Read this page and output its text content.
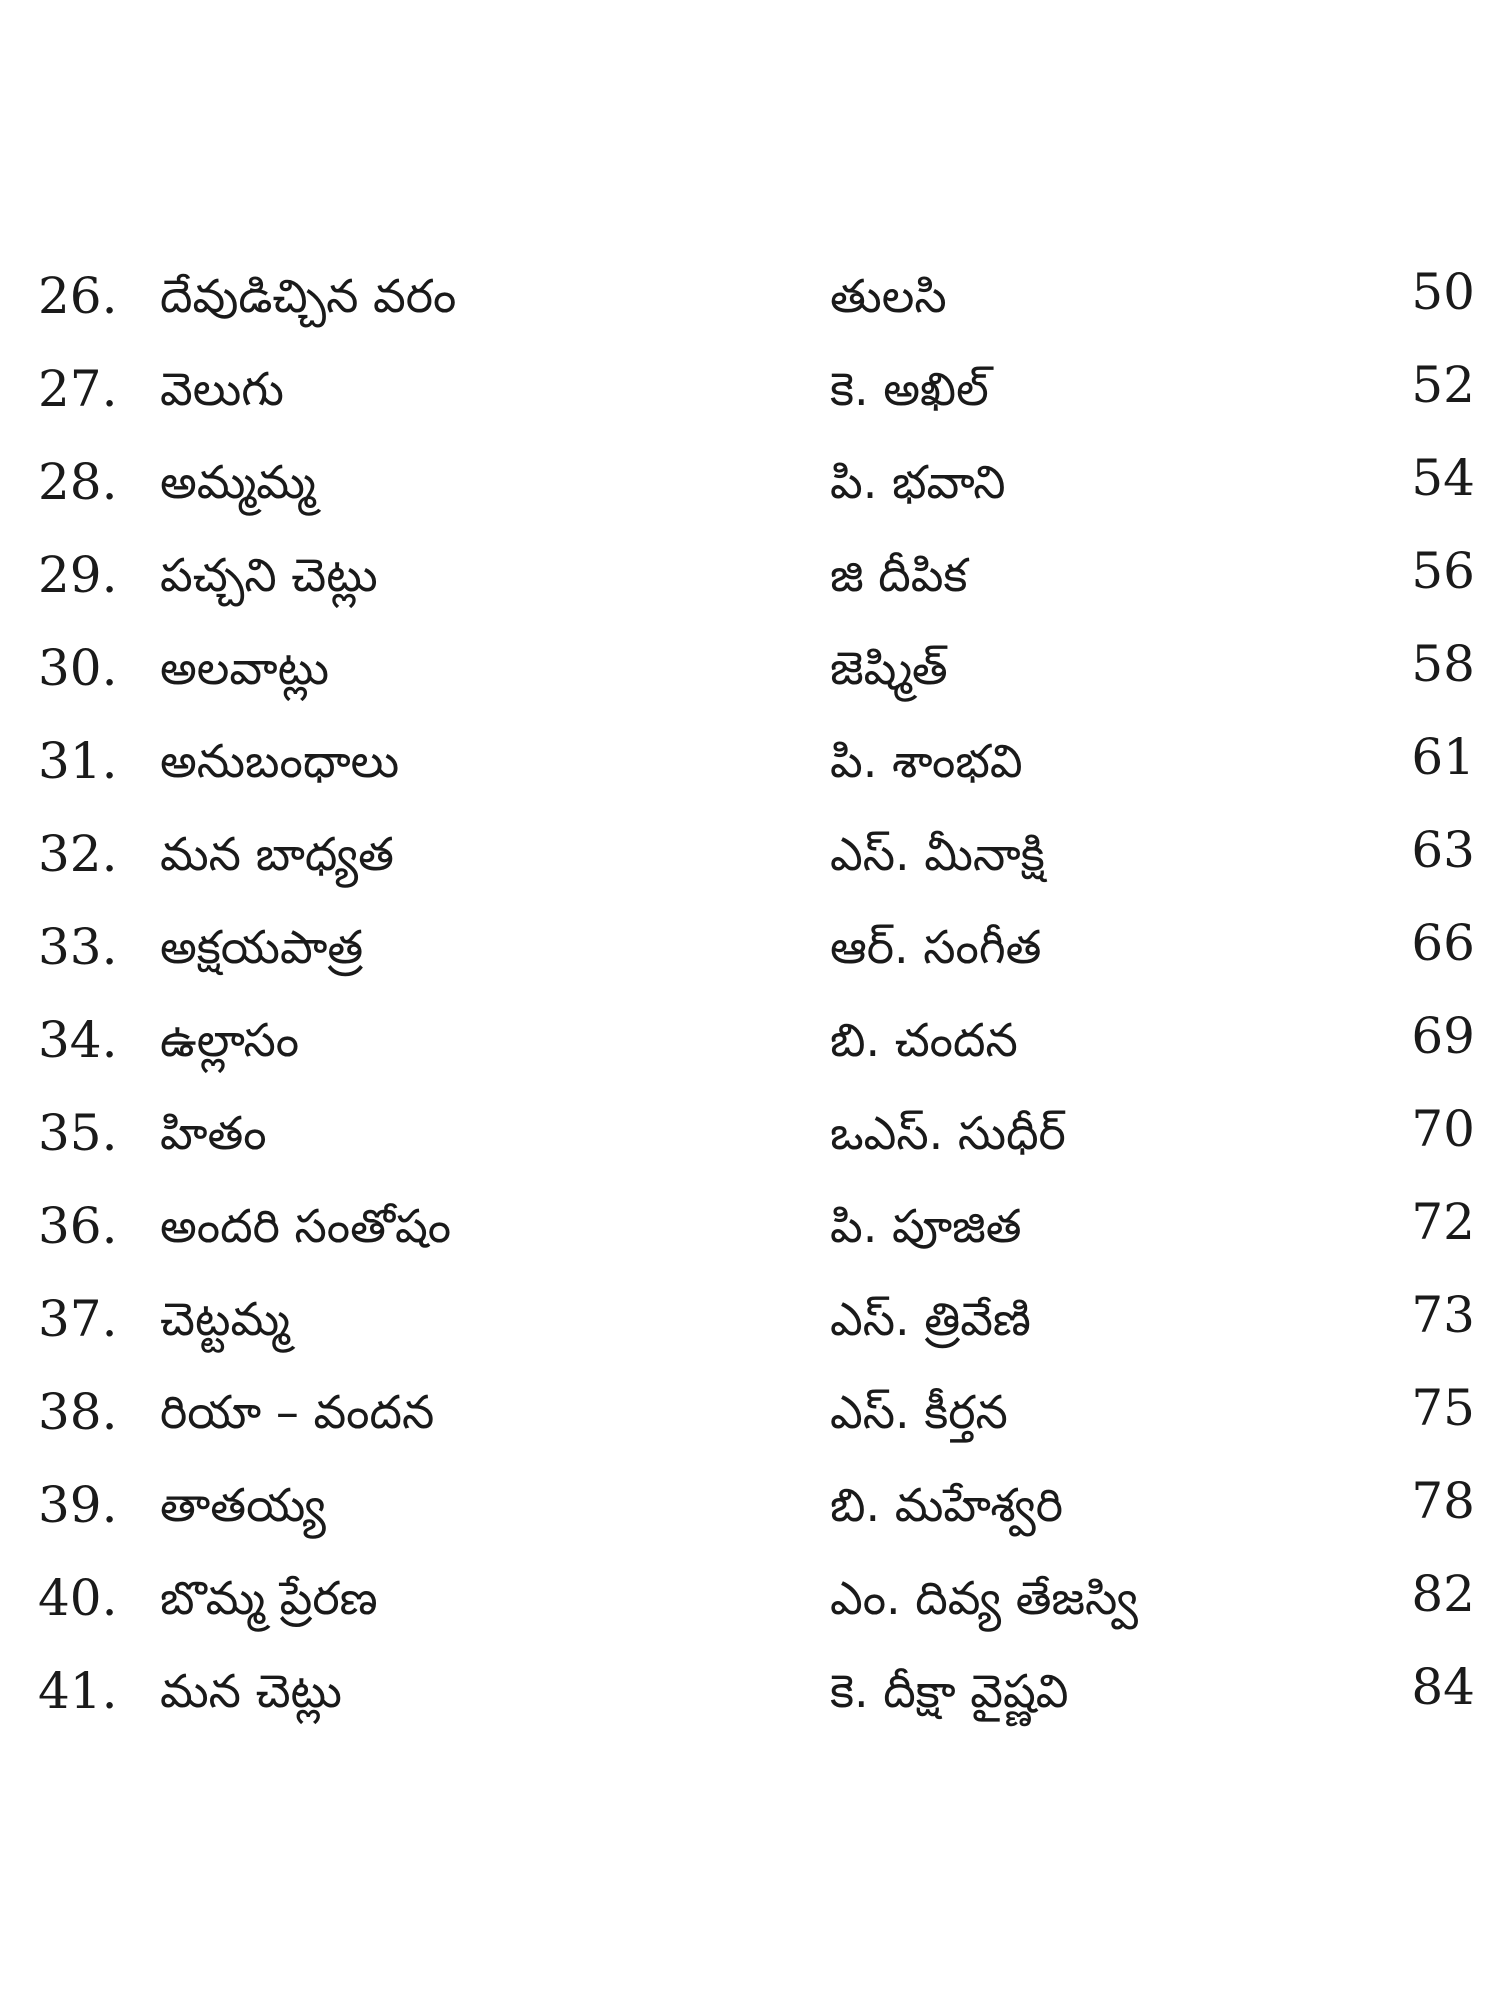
26. దేవుడిచ్చిన వరం	తులసి	50
27. వెలుగు	కె. అఖిల్	52
28. అమ్మమ్మ	పి. భవాని	54
29. పచ్చని చెట్లు	జి దీపిక	56
30. అలవాట్లు	జెష్మిత్	58
31. అనుబంధాలు	పి. శాంభవి	61
32. మన బాధ్యత	ఎస్. మీనాక్షి	63
33. అక్షయపాత్ర	ఆర్. సంగీత	66
34. ఉల్లాసం	బి. చందన	69
35. హితం	ఒఎస్. సుధీర్	70
36. అందరి సంతోషం	పి. పూజిత	72
37. చెట్టమ్మ	ఎస్. త్రివేణి	73
38. రియా – వందన	ఎస్. కీర్తన	75
39. తాతయ్య	బి. మహేశ్వరి	78
40. బొమ్మ ప్రేరణ	ఎం. దివ్య తేజస్వి	82
41. మన చెట్లు	కె. దీక్షా వైష్ణవి	84
